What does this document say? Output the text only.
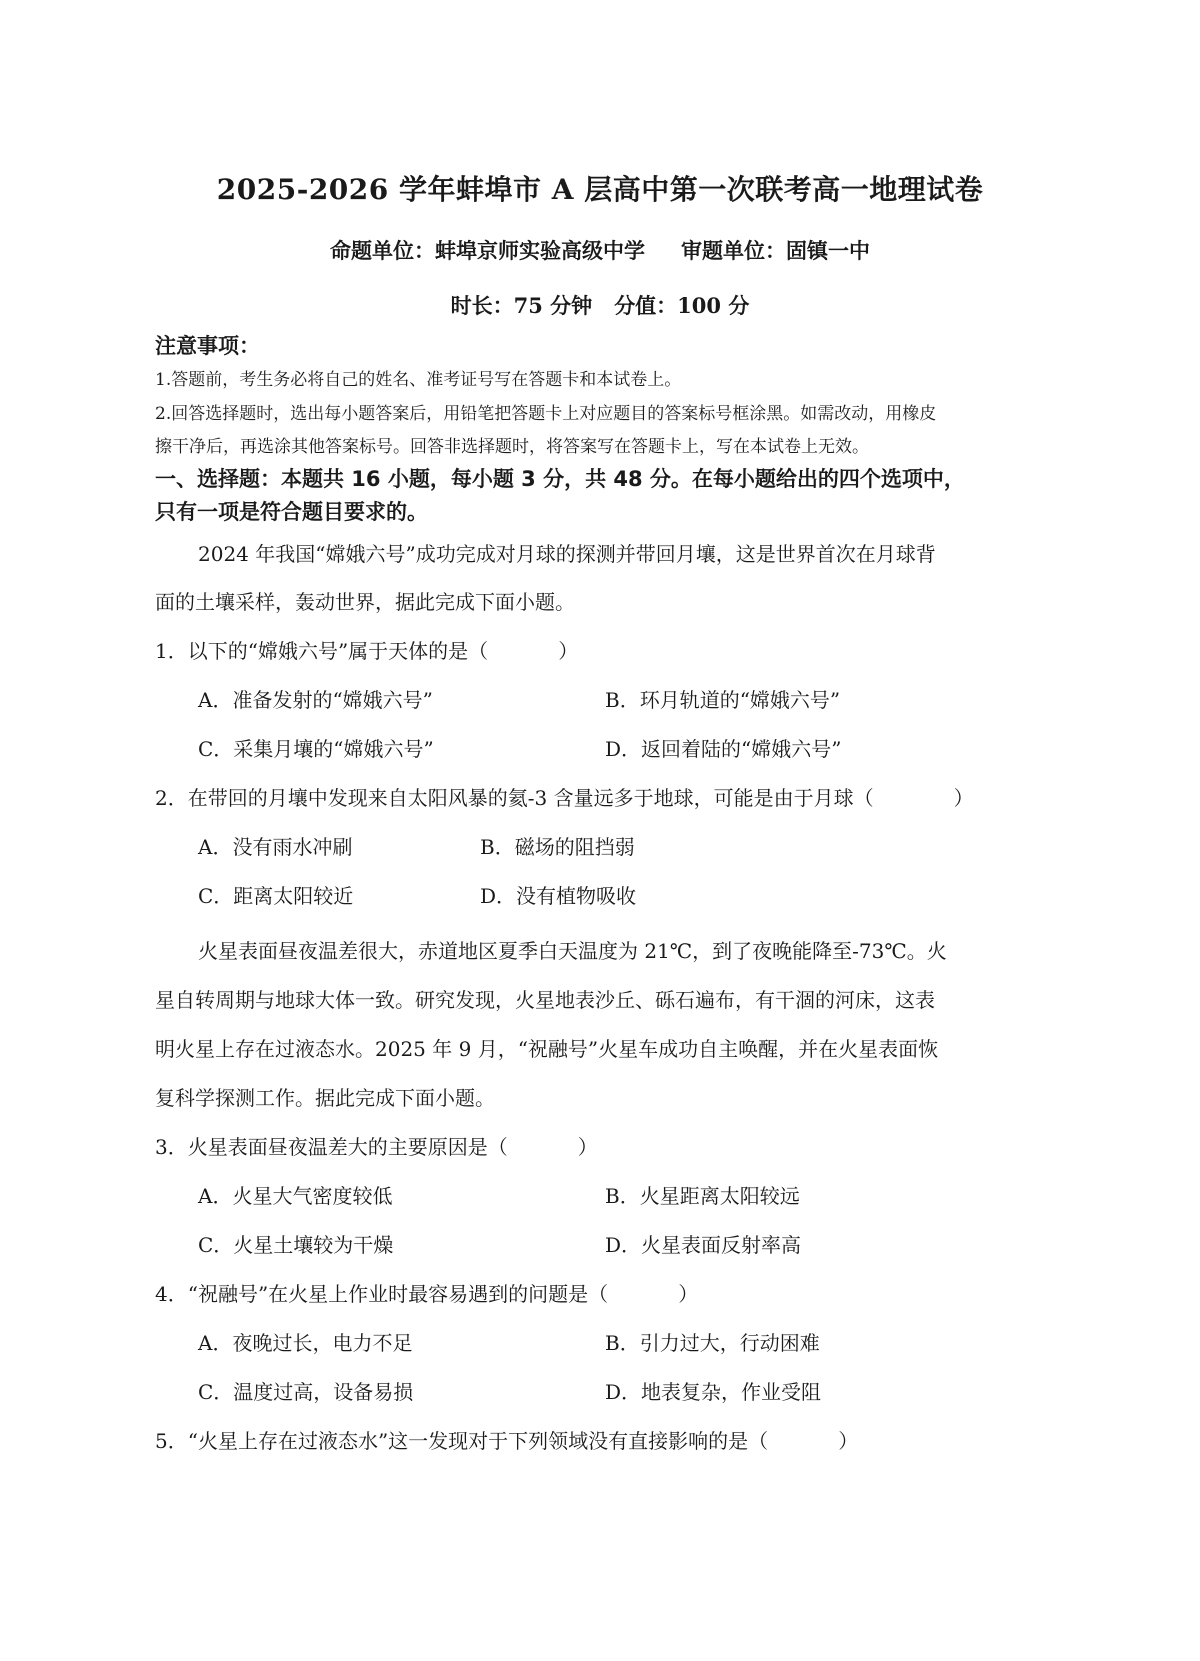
2025-2026 学年蚌埠市 A 层高中第一次联考高一地理试卷
命题单位：蚌埠京师实验高级中学 审题单位：固镇一中
时长：75 分钟 分值：100 分
注意事项：
1.答题前，考生务必将自己的姓名、准考证号写在答题卡和本试卷上。
2.回答选择题时，选出每小题答案后，用铅笔把答题卡上对应题目的答案标号框涂黑。如需改动，用橡皮
擦干净后，再选涂其他答案标号。回答非选择题时，将答案写在答题卡上，写在本试卷上无效。
一、选择题：本题共 16 小题，每小题 3 分，共 48 分。在每小题给出的四个选项中，
只有一项是符合题目要求的。
2024 年我国“嫦娥六号”成功完成对月球的探测并带回月壤，这是世界首次在月球背
面的土壤采样，轰动世界，据此完成下面小题。
1．以下的“嫦娥六号”属于天体的是（	）
A．准备发射的“嫦娥六号”	B．环月轨道的“嫦娥六号”
C．采集月壤的“嫦娥六号”	D．返回着陆的“嫦娥六号”
2．在带回的月壤中发现来自太阳风暴的氦-3 含量远多于地球，可能是由于月球（	）
A．没有雨水冲刷	B．磁场的阻挡弱
C．距离太阳较近	D．没有植物吸收
火星表面昼夜温差很大，赤道地区夏季白天温度为 21℃，到了夜晚能降至-73℃。火
星自转周期与地球大体一致。研究发现，火星地表沙丘、砾石遍布，有干涸的河床，这表
明火星上存在过液态水。2025 年 9 月，“祝融号”火星车成功自主唤醒，并在火星表面恢
复科学探测工作。据此完成下面小题。
3．火星表面昼夜温差大的主要原因是（	）
A．火星大气密度较低	B．火星距离太阳较远
C．火星土壤较为干燥	D．火星表面反射率高
4．“祝融号”在火星上作业时最容易遇到的问题是（	）
A．夜晚过长，电力不足	B．引力过大，行动困难
C．温度过高，设备易损	D．地表复杂，作业受阻
5．“火星上存在过液态水”这一发现对于下列领域没有直接影响的是（	）
